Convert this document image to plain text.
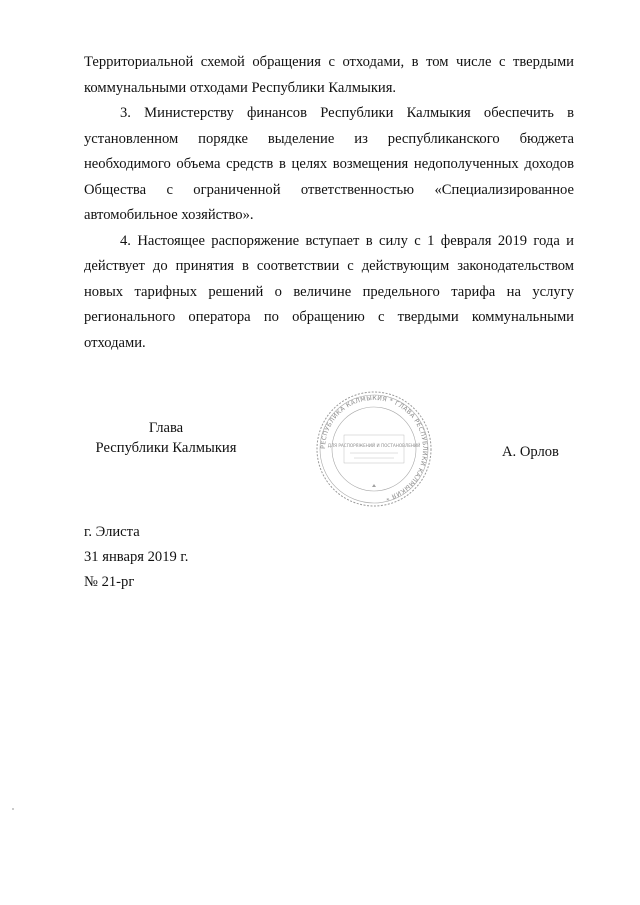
Территориальной схемой обращения с отходами, в том числе с твердыми коммунальными отходами Республики Калмыкия.

3. Министерству финансов Республики Калмыкия обеспечить в установленном порядке выделение из республиканского бюджета необходимого объема средств в целях возмещения недополученных доходов Общества с ограниченной ответственностью «Специализированное автомобильное хозяйство».

4. Настоящее распоряжение вступает в силу с 1 февраля 2019 года и действует до принятия в соответствии с действующим законодательством новых тарифных решений о величине предельного тарифа на услугу регионального оператора по обращению с твердыми коммунальными отходами.

Глава
Республики Калмыкия	РЕСПУБЛИКА КАЛМЫКИЯ * ГЛАВА РЕСПУБЛИКИ КАЛМЫКИЯ *
ДЛЯ РАСПОРЯЖЕНИЙ И ПОСТАНОВЛЕНИЙ	А. Орлов
г. Элиста
31 января 2019 г.
№ 21-рг
